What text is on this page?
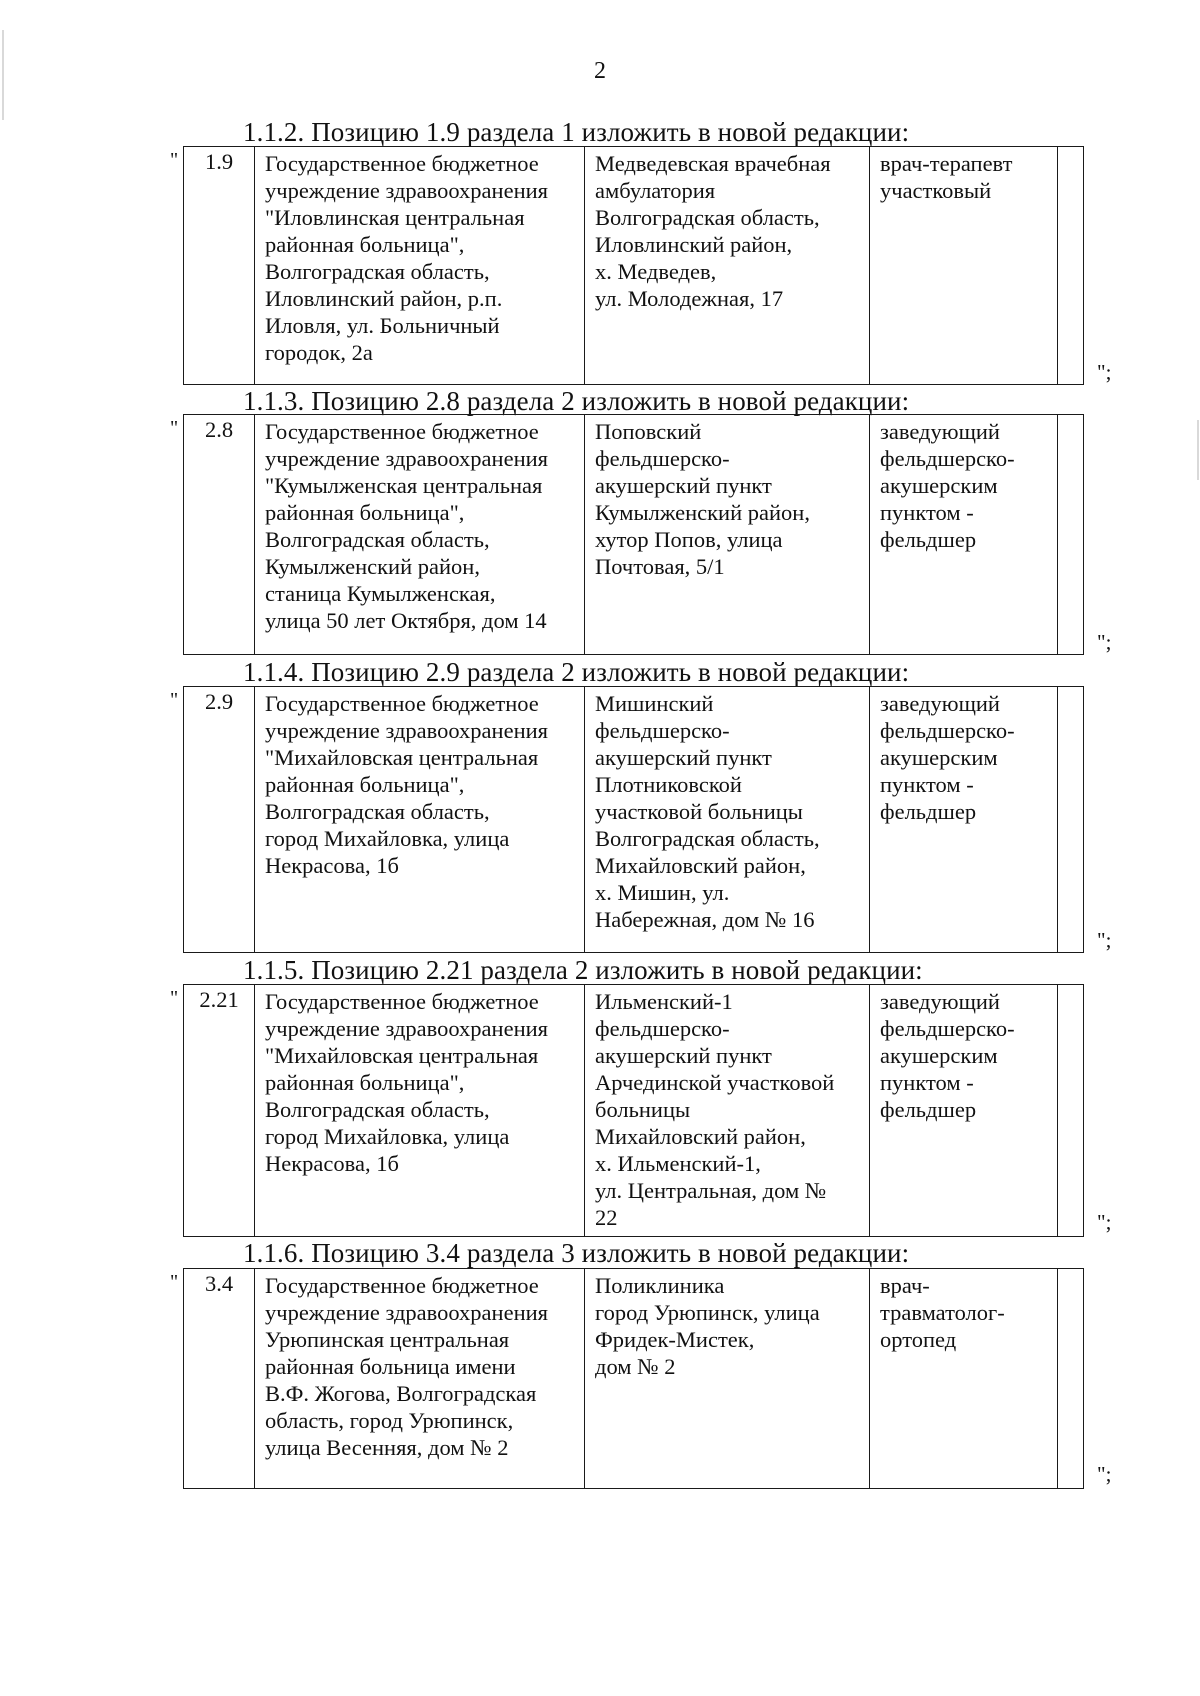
2
1.1.2. Позицию 1.9 раздела 1 изложить в новой редакции:
" 1.9	Государственное бюджетное
учреждение здравоохранения
"Иловлинская центральная
районная больница",
Волгоградская область,
Иловлинский район, р.п.
Иловля, ул. Больничный
городок, 2а	Медведевская врачебная
амбулатория
Волгоградская область,
Иловлинский район,
х. Медведев,
ул. Молодежная, 17	врач-терапевт
участковый	
";
1.1.3. Позицию 2.8 раздела 2 изложить в новой редакции:
" 2.8	Государственное бюджетное
учреждение здравоохранения
"Кумылженская центральная
районная больница",
Волгоградская область,
Кумылженский район,
станица Кумылженская,
улица 50 лет Октября, дом 14	Поповский
фельдшерско-
акушерский пункт
Кумылженский район,
хутор Попов, улица
Почтовая, 5/1	заведующий
фельдшерско-
акушерским
пунктом -
фельдшер	
";
1.1.4. Позицию 2.9 раздела 2 изложить в новой редакции:
" 2.9	Государственное бюджетное
учреждение здравоохранения
"Михайловская центральная
районная больница",
Волгоградская область,
город Михайловка, улица
Некрасова, 1б	Мишинский
фельдшерско-
акушерский пункт
Плотниковской
участковой больницы
Волгоградская область,
Михайловский район,
х. Мишин, ул.
Набережная, дом № 16	заведующий
фельдшерско-
акушерским
пунктом -
фельдшер	
";
1.1.5. Позицию 2.21 раздела 2 изложить в новой редакции:
" 2.21	Государственное бюджетное
учреждение здравоохранения
"Михайловская центральная
районная больница",
Волгоградская область,
город Михайловка, улица
Некрасова, 1б	Ильменский-1
фельдшерско-
акушерский пункт
Арчединской участковой
больницы
Михайловский район,
х. Ильменский-1,
ул. Центральная, дом №
22	заведующий
фельдшерско-
акушерским
пунктом -
фельдшер	
";
1.1.6. Позицию 3.4 раздела 3 изложить в новой редакции:
" 3.4	Государственное бюджетное
учреждение здравоохранения
Урюпинская центральная
районная больница имени
В.Ф. Жогова, Волгоградская
область, город Урюпинск,
улица Весенняя, дом № 2	Поликлиника
город Урюпинск, улица
Фридек-Мистек,
дом № 2	врач-
травматолог-
ортопед	
";
